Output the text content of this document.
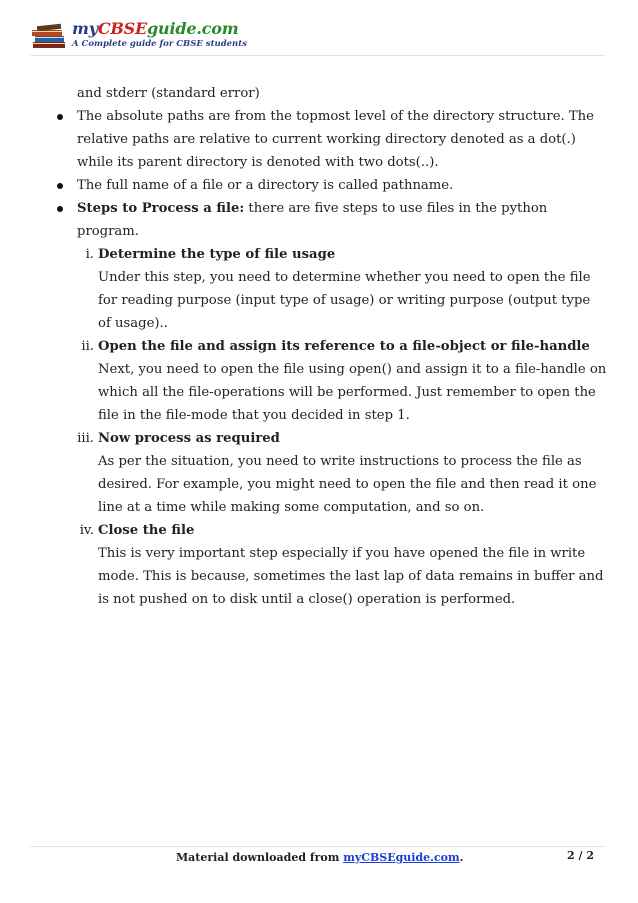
myCBSEguide.com
A Complete guide for CBSE students
and stderr (standard error)
The absolute paths are from the topmost level of the directory structure. The relative paths are relative to current working directory denoted as a dot(.) while its parent directory is denoted with two dots(..).
The full name of a file or a directory is called pathname.
Steps to Process a file: there are five steps to use files in the python program.
i. Determine the type of file usage
Under this step, you need to determine whether you need to open the file for reading purpose (input type of usage) or writing purpose (output type of usage)..
ii. Open the file and assign its reference to a file-object or file-handle
Next, you need to open the file using open() and assign it to a file-handle on which all the file-operations will be performed. Just remember to open the file in the file-mode that you decided in step 1.
iii. Now process as required
As per the situation, you need to write instructions to process the file as desired. For example, you might need to open the file and then read it one line at a time while making some computation, and so on.
iv. Close the file
This is very important step especially if you have opened the file in write mode. This is because, sometimes the last lap of data remains in buffer and is not pushed on to disk until a close() operation is performed.
Material downloaded from myCBSEguide.com.	2 / 2
